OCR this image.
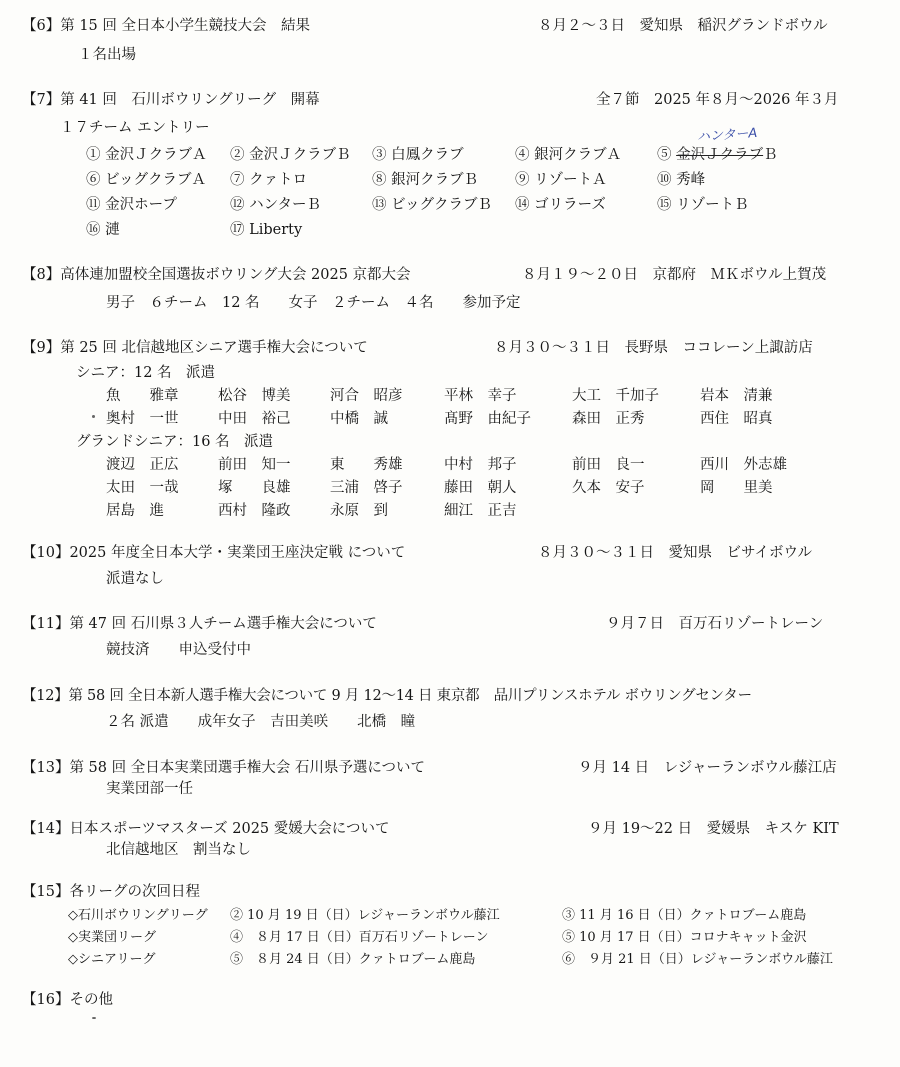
【6】第 15 回 全日本小学生競技大会　結果	８月２～３日　愛知県　稲沢グランドボウル
１名出場
【7】第 41 回　石川ボウリングリーグ　開幕	全７節　2025 年８月～2026 年３月
１７チーム エントリー
① 金沢ＪクラブＡ ② 金沢ＪクラブＢ ③ 白鳳クラブ	④ 銀河クラブＡ ⑤ 金沢ＪクラブＢ
ハンターA
⑥ ビッグクラブＡ ⑦ クァトロ	⑧ 銀河クラブＢ	⑨ リゾートＡ	⑩ 秀峰
⑪ 金沢ホープ	⑫ ハンターＢ	⑬ ビッグクラブＢ ⑭ ゴリラーズ	⑮ リゾートＢ
⑯ 漣	⑰ Liberty
【8】高体連加盟校全国選抜ボウリング大会 2025 京都大会	８月１９～２０日　京都府　ＭＫボウル上賀茂
男子　６チーム　12 名　　女子　２チーム　４名　　参加予定
【9】第 25 回 北信越地区シニア選手権大会について	８月３０～３１日　長野県　ココレーン上諏訪店
シニア：12 名　派遣
魚　　雅章	松谷　博美	河合　昭彦	平林　幸子	大工　千加子	岩本　清兼
奥村　一世	中田　裕己	中橋　誠	髙野　由紀子	森田　正秀	西住　昭真
グランドシニア：16 名　派遣
渡辺　正広	前田　知一	東　　秀雄	中村　邦子	前田　良一	西川　外志雄
太田　一哉	塚　　良雄	三浦　啓子	藤田　朝人	久本　安子	岡　　里美
居島　進	西村　隆政	永原　到	細江　正吉
【10】2025 年度全日本大学・実業団王座決定戦 について	８月３０～３１日　愛知県　ビサイボウル
派遣なし
【11】第 47 回 石川県３人チーム選手権大会について	９月７日　百万石リゾートレーン
競技済　　申込受付中
【12】第 58 回 全日本新人選手権大会について 9 月 12～14 日 東京都　品川プリンスホテル ボウリングセンター
２名 派遣　　成年女子　吉田美咲　　北橋　瞳
【13】第 58 回 全日本実業団選手権大会 石川県予選について	９月 14 日　レジャーランボウル藤江店
実業団部一任
【14】日本スポーツマスターズ 2025 愛媛大会について	９月 19～22 日　愛媛県　キスケ KIT
北信越地区　割当なし
【15】各リーグの次回日程
◇石川ボウリングリーグ ② 10 月 19 日（日）レジャーランボウル藤江	③ 11 月 16 日（日）クァトロブーム鹿島
◇実業団リーグ	④　８月 17 日（日）百万石リゾートレーン	⑤ 10 月 17 日（日）コロナキャット金沢
◇シニアリーグ	⑤　８月 24 日（日）クァトロブーム鹿島	⑥　９月 21 日（日）レジャーランボウル藤江
【16】その他
